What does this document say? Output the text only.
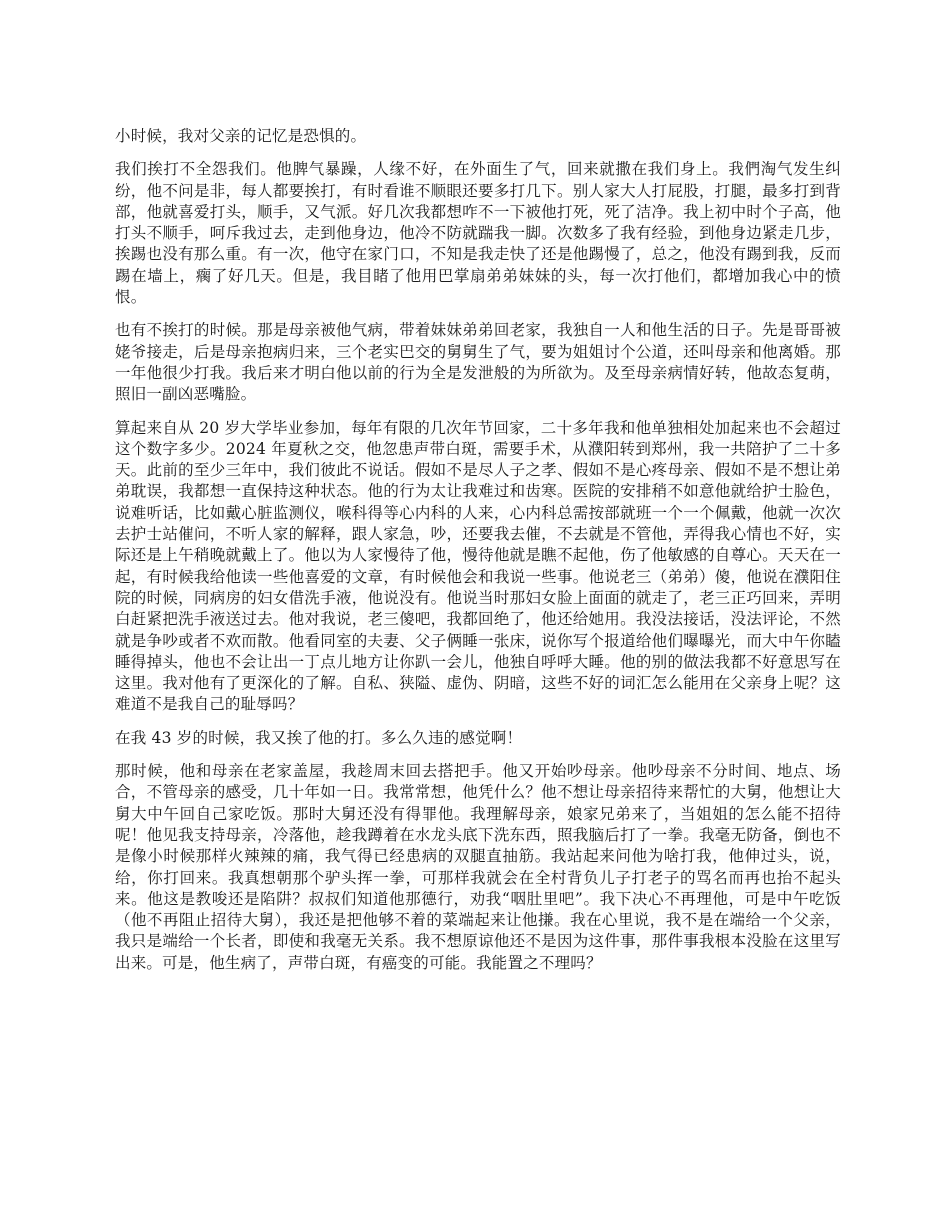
小时候，我对父亲的记忆是恐惧的。

我们挨打不全怨我们。他脾气暴躁，人缘不好，在外面生了气，回来就撒在我们身上。我們淘气发生纠纷，他不问是非，每人都要挨打，有时看谁不顺眼还要多打几下。别人家大人打屁股，打腿，最多打到背部，他就喜爱打头，顺手，又气派。好几次我都想咋不一下被他打死，死了洁净。我上初中时个子高，他打头不顺手，呵斥我过去，走到他身边，他冷不防就踹我一脚。次数多了我有经验，到他身边紧走几步，挨踢也没有那么重。有一次，他守在家门口，不知是我走快了还是他踢慢了，总之，他没有踢到我，反而踢在墙上，瘸了好几天。但是，我目睹了他用巴掌扇弟弟妹妹的头，每一次打他们，都增加我心中的愤恨。

也有不挨打的时候。那是母亲被他气病，带着妹妹弟弟回老家，我独自一人和他生活的日子。先是哥哥被姥爷接走，后是母亲抱病归来，三个老实巴交的舅舅生了气，要为姐姐讨个公道，还叫母亲和他离婚。那一年他很少打我。我后来才明白他以前的行为全是发泄般的为所欲为。及至母亲病情好转，他故态复萌，照旧一副凶恶嘴脸。

算起来自从 20 岁大学毕业参加，每年有限的几次年节回家，二十多年我和他单独相处加起来也不会超过这个数字多少。2024 年夏秋之交，他忽患声带白斑，需要手术，从濮阳转到郑州，我一共陪护了二十多天。此前的至少三年中，我们彼此不说话。假如不是尽人子之孝、假如不是心疼母亲、假如不是不想让弟弟耽误，我都想一直保持这种状态。他的行为太让我难过和齿寒。医院的安排稍不如意他就给护士脸色，说难听话，比如戴心脏监测仪，喉科得等心内科的人来，心内科总需按部就班一个一个佩戴，他就一次次去护士站催问，不听人家的解释，跟人家急，吵，还要我去催，不去就是不管他，弄得我心情也不好，实际还是上午稍晚就戴上了。他以为人家慢待了他，慢待他就是瞧不起他，伤了他敏感的自尊心。天天在一起，有时候我给他读一些他喜爱的文章，有时候他会和我说一些事。他说老三（弟弟）傻，他说在濮阳住院的时候，同病房的妇女借洗手液，他说没有。他说当时那妇女脸上面面的就走了，老三正巧回来，弄明白赶紧把洗手液送过去。他对我说，老三傻吧，我都回绝了，他还给她用。我没法接话，没法评论，不然就是争吵或者不欢而散。他看同室的夫妻、父子俩睡一张床，说你写个报道给他们曝曝光，而大中午你瞌睡得掉头，他也不会让出一丁点儿地方让你趴一会儿，他独自呼呼大睡。他的别的做法我都不好意思写在这里。我对他有了更深化的了解。自私、狭隘、虚伪、阴暗，这些不好的词汇怎么能用在父亲身上呢？这难道不是我自己的耻辱吗？

在我 43 岁的时候，我又挨了他的打。多么久违的感觉啊！

那时候，他和母亲在老家盖屋，我趁周末回去搭把手。他又开始吵母亲。他吵母亲不分时间、地点、场合，不管母亲的感受，几十年如一日。我常常想，他凭什么？他不想让母亲招待来帮忙的大舅，他想让大舅大中午回自己家吃饭。那时大舅还没有得罪他。我理解母亲，娘家兄弟来了，当姐姐的怎么能不招待呢！他见我支持母亲，冷落他，趁我蹲着在水龙头底下洗东西，照我脑后打了一拳。我毫无防备，倒也不是像小时候那样火辣辣的痛，我气得已经患病的双腿直抽筋。我站起来问他为啥打我，他伸过头，说，给，你打回来。我真想朝那个驴头挥一拳，可那样我就会在全村背负儿子打老子的骂名而再也抬不起头来。他这是教唆还是陷阱？叔叔们知道他那德行，劝我“咽肚里吧”。我下决心不再理他，可是中午吃饭（他不再阻止招待大舅），我还是把他够不着的菜端起来让他搛。我在心里说，我不是在端给一个父亲，我只是端给一个长者，即使和我毫无关系。我不想原谅他还不是因为这件事，那件事我根本没脸在这里写出来。可是，他生病了，声带白斑，有癌变的可能。我能置之不理吗？
